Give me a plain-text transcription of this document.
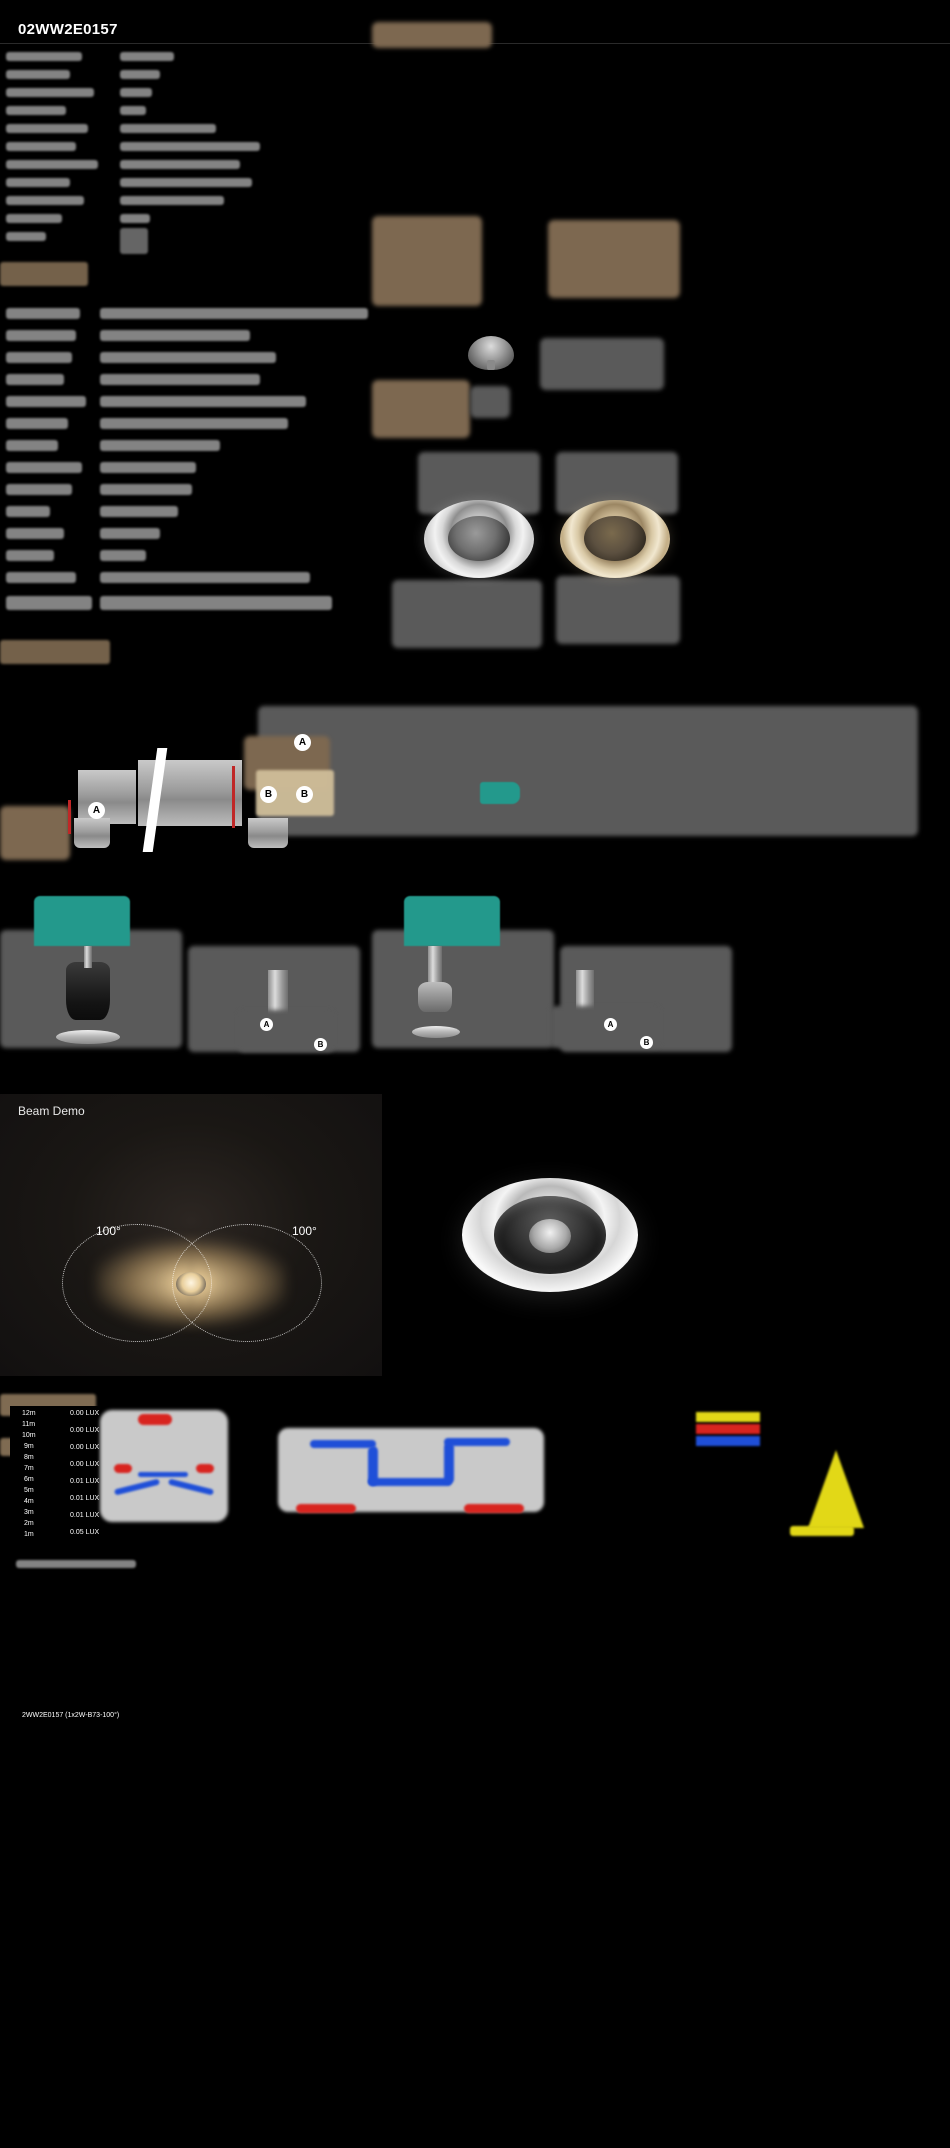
02WW2E0157
A
A
B	B
A
B
A
B
Beam Demo
100°	100°
12m
11m
10m
9m
8m
7m
6m
5m
4m
3m
2m
1m
0.00 LUX
0.00 LUX
0.00 LUX
0.00 LUX
0.01 LUX
0.01 LUX
0.01 LUX
0.05 LUX
2WW2E0157 (1x2W-B73-100°)
